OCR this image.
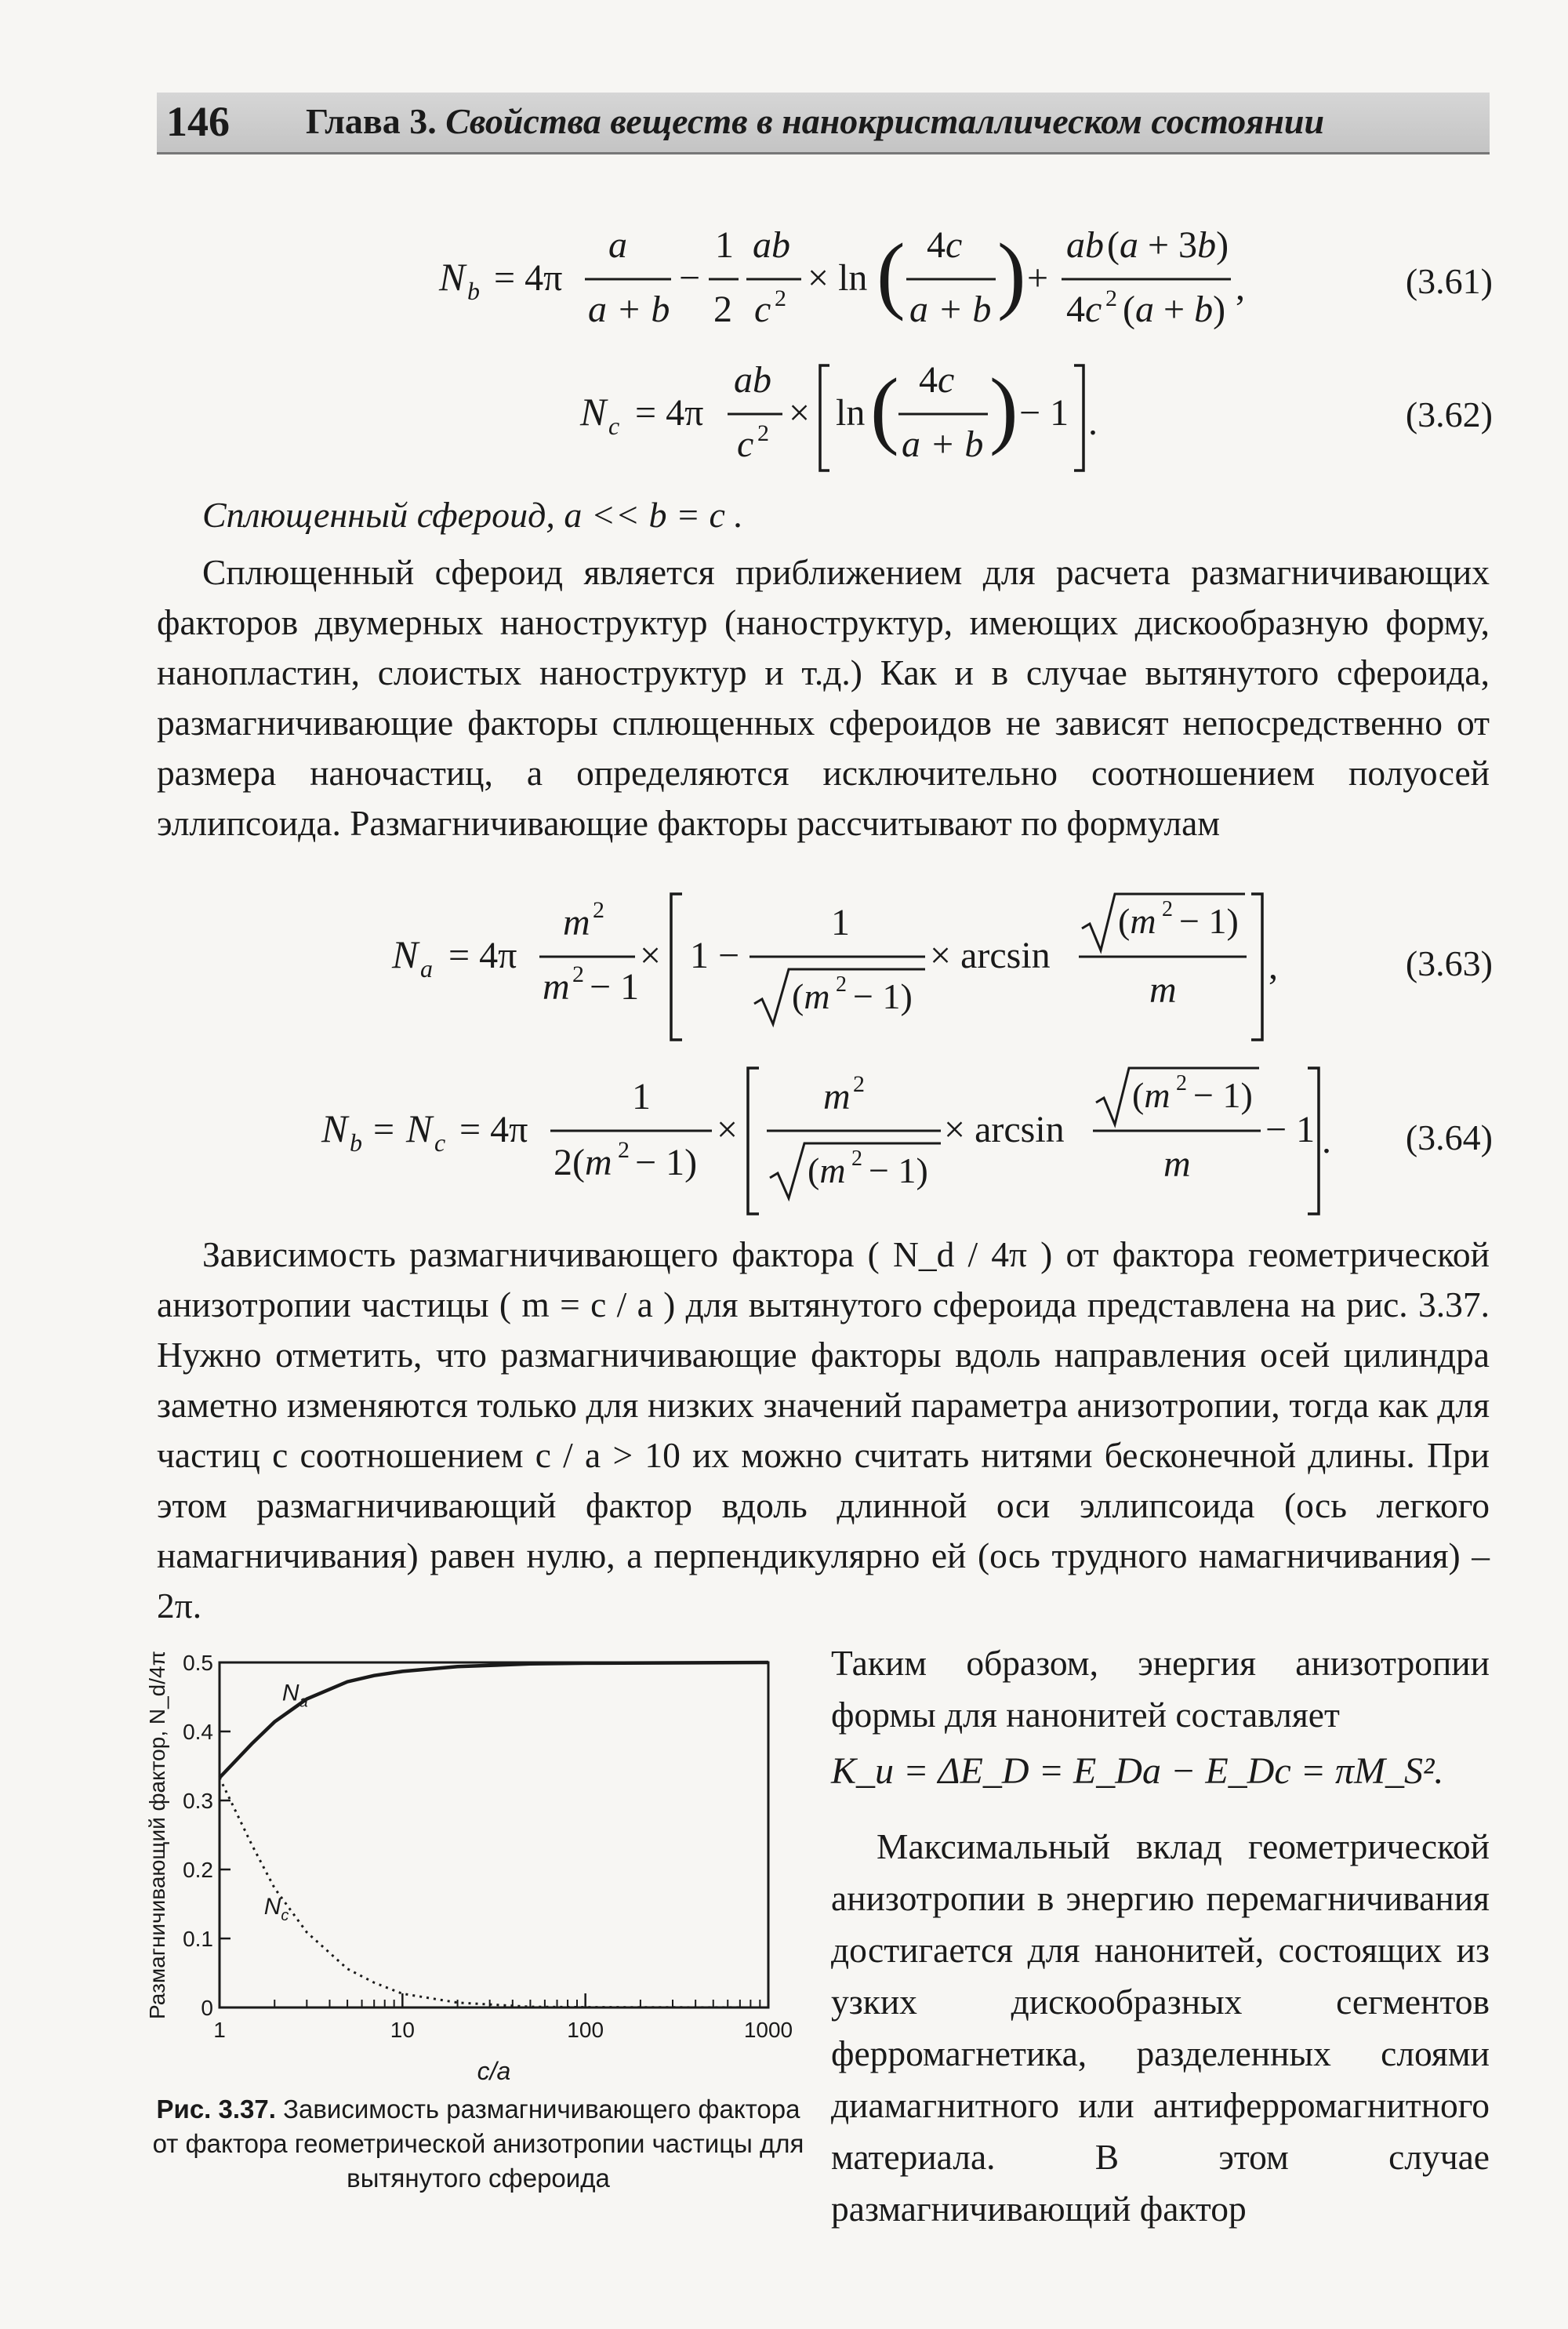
146 Глава 3. Свойства веществ в нанокристаллическом состоянии
N b = 4π
a
a + b
−
1
2
ab
c 2 × ln ( 4c
a + b ) +
ab (a + 3b)
4c 2 (a + b)
,	(3.61)
N c = 4π
ab
c 2 × ln ( 4c
a + b ) − 1 .	(3.62)
Сплющенный сфероид, a << b = c .

Сплющенный сфероид является приближением для расчета размагничивающих факторов двумерных наноструктур (наноструктур, имеющих дискообразную форму, нанопластин, слоистых наноструктур и т.д.) Как и в случае вытянутого сфероида, размагничивающие факторы сплющенных сфероидов не зависят непосредственно от размера наночастиц, а определяются исключительно соотношением полуосей эллипсоида. Размагничивающие факторы рассчитывают по формулам

N a = 4π
m 2
m 2 − 1
× 1 −
1
(m 2 − 1)
× arcsin
(m 2 − 1)
m
,	(3.63)
N b = N c = 4π
1
2(m 2 − 1)
×
m 2
(m 2 − 1)
× arcsin
(m 2 − 1)
m
− 1 . (3.64)

Зависимость размагничивающего фактора ( N_d / 4π ) от фактора геометрической анизотропии частицы ( m = c / a ) для вытянутого сфероида представлена на рис. 3.37. Нужно отметить, что размагничивающие факторы вдоль направления осей цилиндра заметно изменяются только для низких значений параметра анизотропии, тогда как для частиц с соотношением c / a > 10 их можно считать нитями бесконечной длины. При этом размагничивающий фактор вдоль длинной оси эллипсоида (ось легкого намагничивания) равен нулю, а перпендикулярно ей (ось трудного намагничивания) – 2π.

0
0.1
0.2
0.3
0.4
0.5
1	10	100	1000
c/a
Размагничивающий фактор, N_d/4π	$N_a$
$N_c$
Рис. 3.37. Зависимость размагничивающего фактора от фактора геометрической анизотропии частицы для вытянутого сфероида

Таким образом, энергия анизотропии формы для нанонитей составляет

K_u = ΔE_D = E_Da − E_Dc = πM_S².

Максимальный вклад геометрической анизотропии в энергию перемагничивания достигается для нанонитей, состоящих из узких дискообразных сегментов ферромагнетика, разделенных слоями диамагнитного или антиферромагнитного материала. В этом случае размагничивающий фактор
